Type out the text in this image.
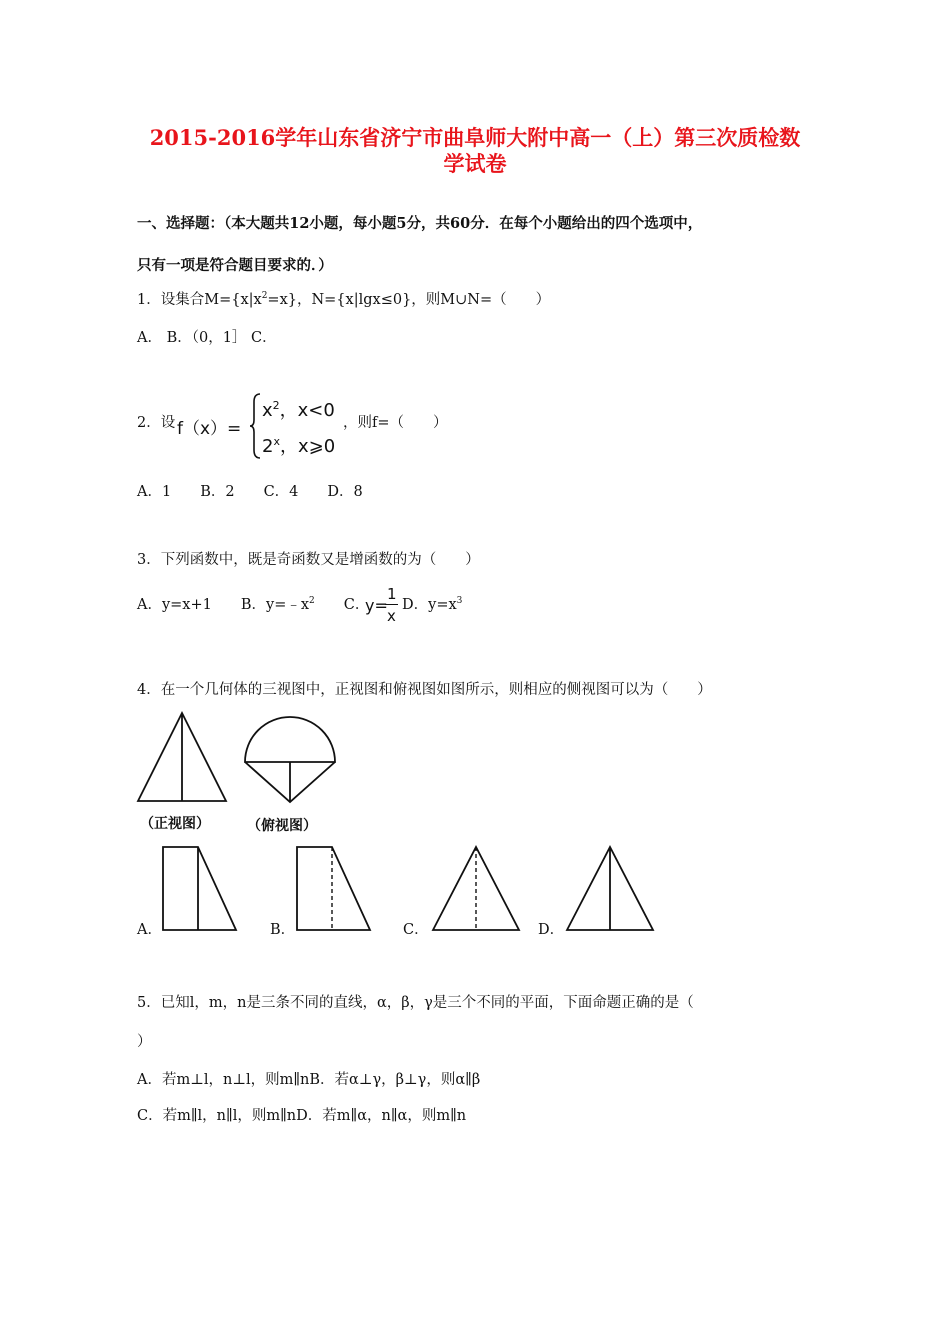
2015-2016学年山东省济宁市曲阜师大附中高一（上）第三次质检数
学试卷
一、选择题：（本大题共12小题，每小题5分，共60分．在每个小题给出的四个选项中，
只有一项是符合题目要求的．）
1．设集合$M=\{x|x^2=x\}$，N={x|lgx≤0}，则M∪N=（　　）
A． B．（0，1］ C．
2．设 f（x）=
$x^2$，x<0
2$^x$，x⩾0
，则f=（　　）
A．1　　B．2　　C．4　　D．8
3．下列函数中，既是奇函数又是增函数的为（　　）
A．y=x+1　　B．$y=﹣x^2$　　C．
y=
1
x
D．$y=x^3$
4．在一个几何体的三视图中，正视图和俯视图如图所示，则相应的侧视图可以为（　　）
（正视图）	（俯视图）
A．	B．	C．	D．
5．已知l，m，n是三条不同的直线，α，β，γ是三个不同的平面，下面命题正确的是（
）
A．若m⊥l，n⊥l，则m∥nB．若α⊥γ，β⊥γ，则α∥β
C．若m∥l，n∥l，则m∥nD．若m∥α，n∥α，则m∥n
